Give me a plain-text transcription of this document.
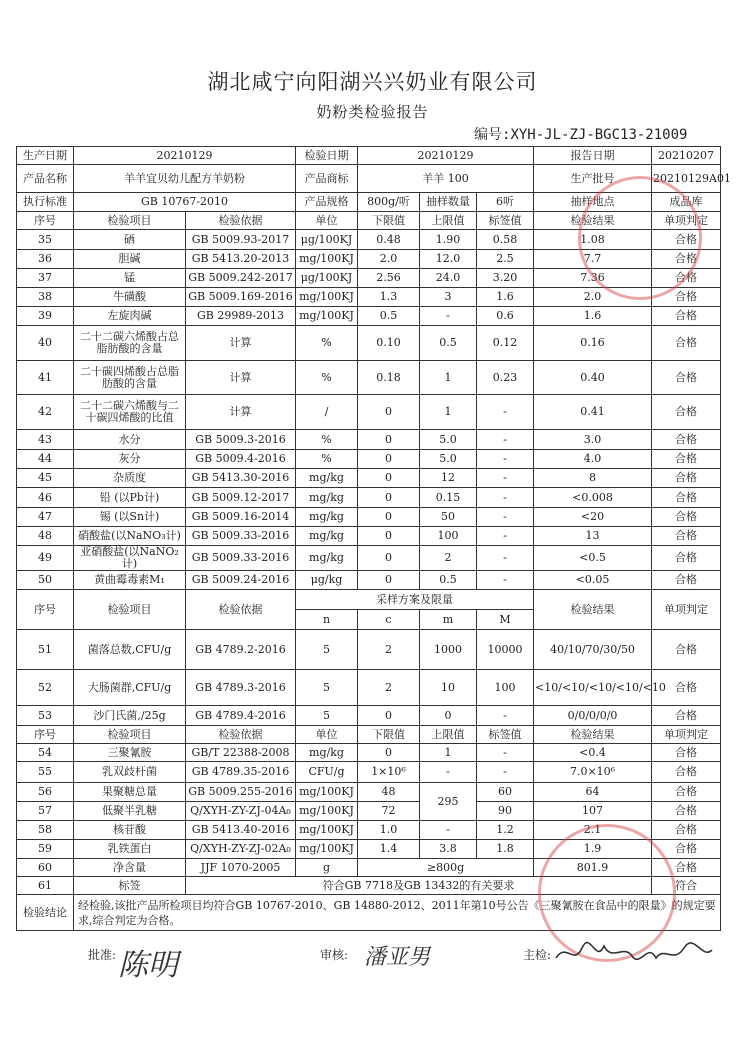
湖北咸宁向阳湖兴兴奶业有限公司
奶粉类检验报告
编号:XYH-JL-ZJ-BGC13-21009
生产日期	20210129		检验日期	20210129			报告日期	20210207
产品名称	羊羊宜贝幼儿配方羊奶粉		产品商标	羊羊 100			生产批号	20210129A01
执行标准	GB 10767-2010		产品规格	800g/听	抽样数量	6听	抽样地点	成品库
序号	检验项目	检验依据	单位	下限值	上限值	标签值	检验结果	单项判定
35	硒	GB 5009.93-2017	μg/100KJ	0.48	1.90	0.58	1.08	合格
36	胆碱	GB 5413.20-2013	mg/100KJ	2.0	12.0	2.5	7.7	合格
37	锰	GB 5009.242-2017	μg/100KJ	2.56	24.0	3.20	7.36	合格
38	牛磺酸	GB 5009.169-2016	mg/100KJ	1.3	3	1.6	2.0	合格
39	左旋肉碱	GB 29989-2013	mg/100KJ	0.5	-	0.6	1.6	合格
40	二十二碳六烯酸占总脂肪酸的含量	计算	%	0.10	0.5	0.12	0.16	合格
41	二十碳四烯酸占总脂肪酸的含量	计算	%	0.18	1	0.23	0.40	合格
42	二十二碳六烯酸与二十碳四烯酸的比值	计算	/	0	1	-	0.41	合格
43	水分	GB 5009.3-2016	%	0	5.0	-	3.0	合格
44	灰分	GB 5009.4-2016	%	0	5.0	-	4.0	合格
45	杂质度	GB 5413.30-2016	mg/kg	0	12	-	8	合格
46	铅 (以Pb计)	GB 5009.12-2017	mg/kg	0	0.15	-	<0.008	合格
47	锡 (以Sn计)	GB 5009.16-2014	mg/kg	0	50	-	<20	合格
48	硝酸盐(以NaNO₃计)	GB 5009.33-2016	mg/kg	0	100	-	13	合格
49	亚硝酸盐(以NaNO₂计)	GB 5009.33-2016	mg/kg	0	2	-	<0.5	合格
50	黄曲霉毒素M₁	GB 5009.24-2016	μg/kg	0	0.5	-	<0.05	合格
序号	检验项目	检验依据	采样方案及限量				检验结果	单项判定
			n	c	m	M		
51	菌落总数,CFU/g	GB 4789.2-2016	5	2	1000	10000	40/10/70/30/50	合格
52	大肠菌群,CFU/g	GB 4789.3-2016	5	2	10	100	<10/<10/<10/<10/<10	合格
53	沙门氏菌,/25g	GB 4789.4-2016	5	0	0	-	0/0/0/0/0	合格
序号	检验项目	检验依据	单位	下限值	上限值	标签值	检验结果	单项判定
54	三聚氰胺	GB/T 22388-2008	mg/kg	0	1	-	<0.4	合格
55	乳双歧杆菌	GB 4789.35-2016	CFU/g	1×10⁶	-	-	7.0×10⁶	合格
56	果聚糖总量	GB 5009.255-2016	mg/100KJ	48	295	60	64	合格
57	低聚半乳糖	Q/XYH-ZY-ZJ-04A₀	mg/100KJ	72		90	107	合格
58	核苷酸	GB 5413.40-2016	mg/100KJ	1.0	-	1.2	2.1	合格
59	乳铁蛋白	Q/XYH-ZY-ZJ-02A₀	mg/100KJ	1.4	3.8	1.8	1.9	合格
60	净含量	JJF 1070-2005	g	≥800g			801.9	合格
61	标签	符合GB 7718及GB 13432的有关要求						符合
检验结论	经检验,该批产品所检项目均符合GB 10767-2010、GB 14880-2012、2011年第10号公告《三聚氰胺在食品中的限量》的规定要求,综合判定为合格。							
批准: 陈明	审核: 潘亚男	主检:
